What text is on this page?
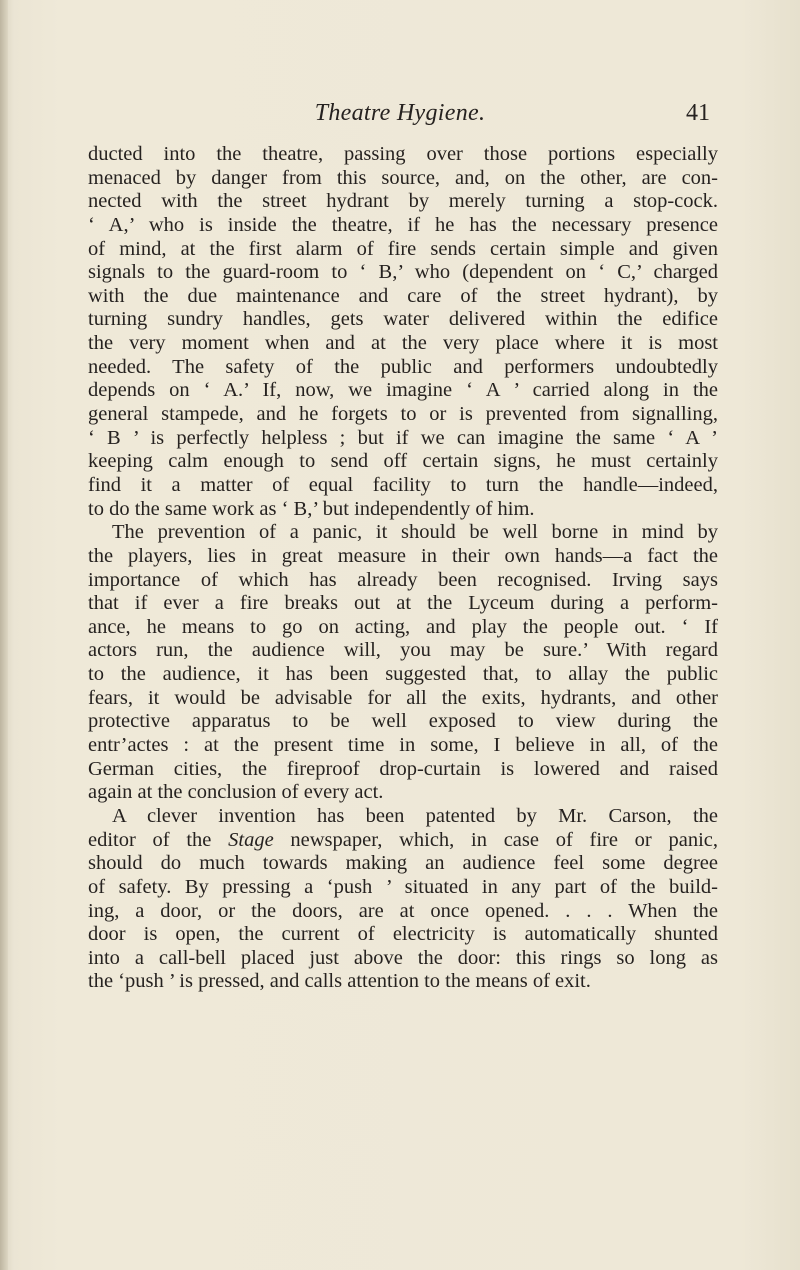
Theatre Hygiene.	41
ducted into the theatre, passing over those portions especially
menaced by danger from this source, and, on the other, are con-
nected with the street hydrant by merely turning a stop-cock.
‘ A,’ who is inside the theatre, if he has the necessary presence
of mind, at the first alarm of fire sends certain simple and given
signals to the guard-room to ‘ B,’ who (dependent on ‘ C,’ charged
with the due maintenance and care of the street hydrant), by
turning sundry handles, gets water delivered within the edifice
the very moment when and at the very place where it is most
needed. The safety of the public and performers undoubtedly
depends on ‘ A.’ If, now, we imagine ‘ A ’ carried along in the
general stampede, and he forgets to or is prevented from signalling,
‘ B ’ is perfectly helpless ; but if we can imagine the same ‘ A ’
keeping calm enough to send off certain signs, he must certainly
find it a matter of equal facility to turn the handle—indeed,
to do the same work as ‘ B,’ but independently of him.
The prevention of a panic, it should be well borne in mind by
the players, lies in great measure in their own hands—a fact the
importance of which has already been recognised. Irving says
that if ever a fire breaks out at the Lyceum during a perform-
ance, he means to go on acting, and play the people out. ‘ If
actors run, the audience will, you may be sure.’ With regard
to the audience, it has been suggested that, to allay the public
fears, it would be advisable for all the exits, hydrants, and other
protective apparatus to be well exposed to view during the
entr’actes : at the present time in some, I believe in all, of the
German cities, the fireproof drop-curtain is lowered and raised
again at the conclusion of every act.
A clever invention has been patented by Mr. Carson, the
editor of the Stage newspaper, which, in case of fire or panic,
should do much towards making an audience feel some degree
of safety. By pressing a ‘push ’ situated in any part of the build-
ing, a door, or the doors, are at once opened. . . . When the
door is open, the current of electricity is automatically shunted
into a call-bell placed just above the door: this rings so long as
the ‘push ’ is pressed, and calls attention to the means of exit.
